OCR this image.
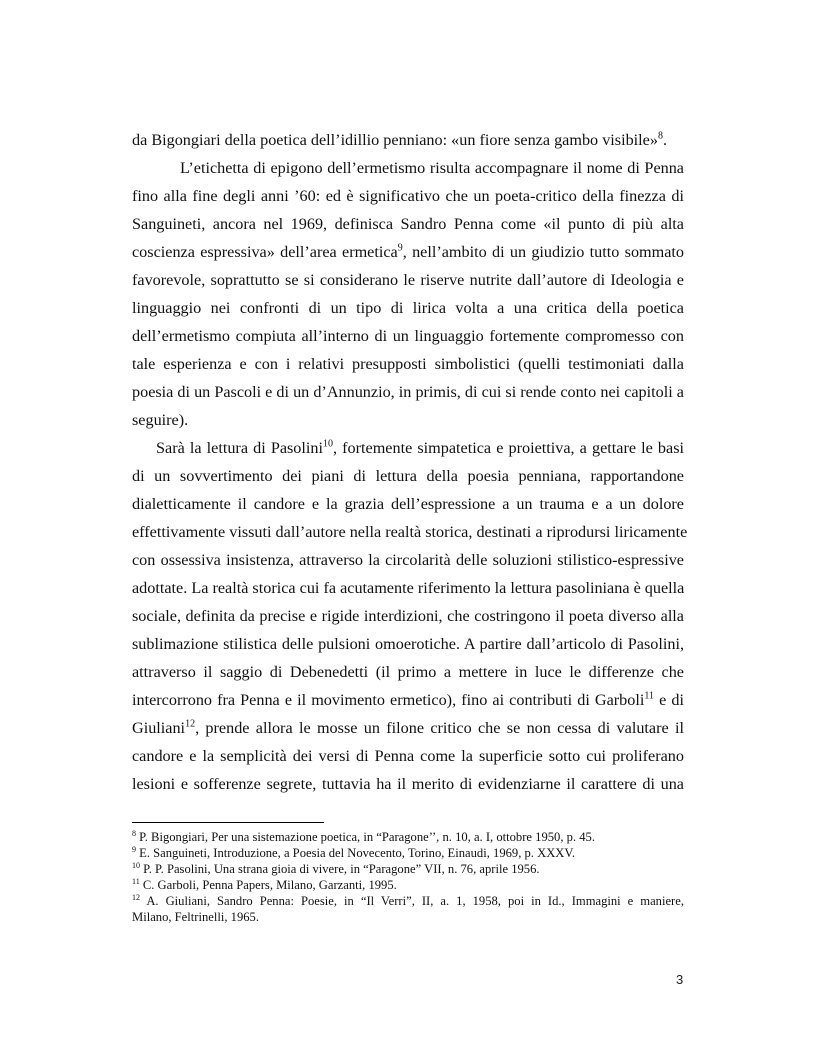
da Bigongiari della poetica dell’idillio penniano: «un fiore senza gambo visibile»$^8$.
L’etichetta di epigono dell’ermetismo risulta accompagnare il nome di Penna
fino alla fine degli anni ’60: ed è significativo che un poeta-critico della finezza di
Sanguineti, ancora nel 1969, definisca Sandro Penna come «il punto di più alta
coscienza espressiva» dell’area ermetica$^9$, nell’ambito di un giudizio tutto sommato
favorevole, soprattutto se si considerano le riserve nutrite dall’autore di Ideologia e
linguaggio nei confronti di un tipo di lirica volta a una critica della poetica
dell’ermetismo compiuta all’interno di un linguaggio fortemente compromesso con
tale esperienza e con i relativi presupposti simbolistici (quelli testimoniati dalla
poesia di un Pascoli e di un d’Annunzio, in primis, di cui si rende conto nei capitoli a
seguire).
Sarà la lettura di Pasolini$^{10}$, fortemente simpatetica e proiettiva, a gettare le basi
di un sovvertimento dei piani di lettura della poesia penniana, rapportandone
dialetticamente il candore e la grazia dell’espressione a un trauma e a un dolore
effettivamente vissuti dall’autore nella realtà storica, destinati a riprodursi liricamente
con ossessiva insistenza, attraverso la circolarità delle soluzioni stilistico-espressive
adottate. La realtà storica cui fa acutamente riferimento la lettura pasoliniana è quella
sociale, definita da precise e rigide interdizioni, che costringono il poeta diverso alla
sublimazione stilistica delle pulsioni omoerotiche. A partire dall’articolo di Pasolini,
attraverso il saggio di Debenedetti (il primo a mettere in luce le differenze che
intercorrono fra Penna e il movimento ermetico), fino ai contributi di Garboli$^{11}$ e di
Giuliani$^{12}$, prende allora le mosse un filone critico che se non cessa di valutare il
candore e la semplicità dei versi di Penna come la superficie sotto cui proliferano
lesioni e sofferenze segrete, tuttavia ha il merito di evidenziarne il carattere di una
$^8$ P. Bigongiari, Per una sistemazione poetica, in “Paragone’’, n. 10, a. I, ottobre 1950, p. 45.
$^9$ E. Sanguineti, Introduzione, a Poesia del Novecento, Torino, Einaudi, 1969, p. XXXV.
$^{10}$ P. P. Pasolini, Una strana gioia di vivere, in “Paragone” VII, n. 76, aprile 1956.
$^{11}$ C. Garboli, Penna Papers, Milano, Garzanti, 1995.
$^{12}$ A. Giuliani, Sandro Penna: Poesie, in “Il Verri”, II, a. 1, 1958, poi in Id., Immagini e maniere,
Milano, Feltrinelli, 1965.
3
